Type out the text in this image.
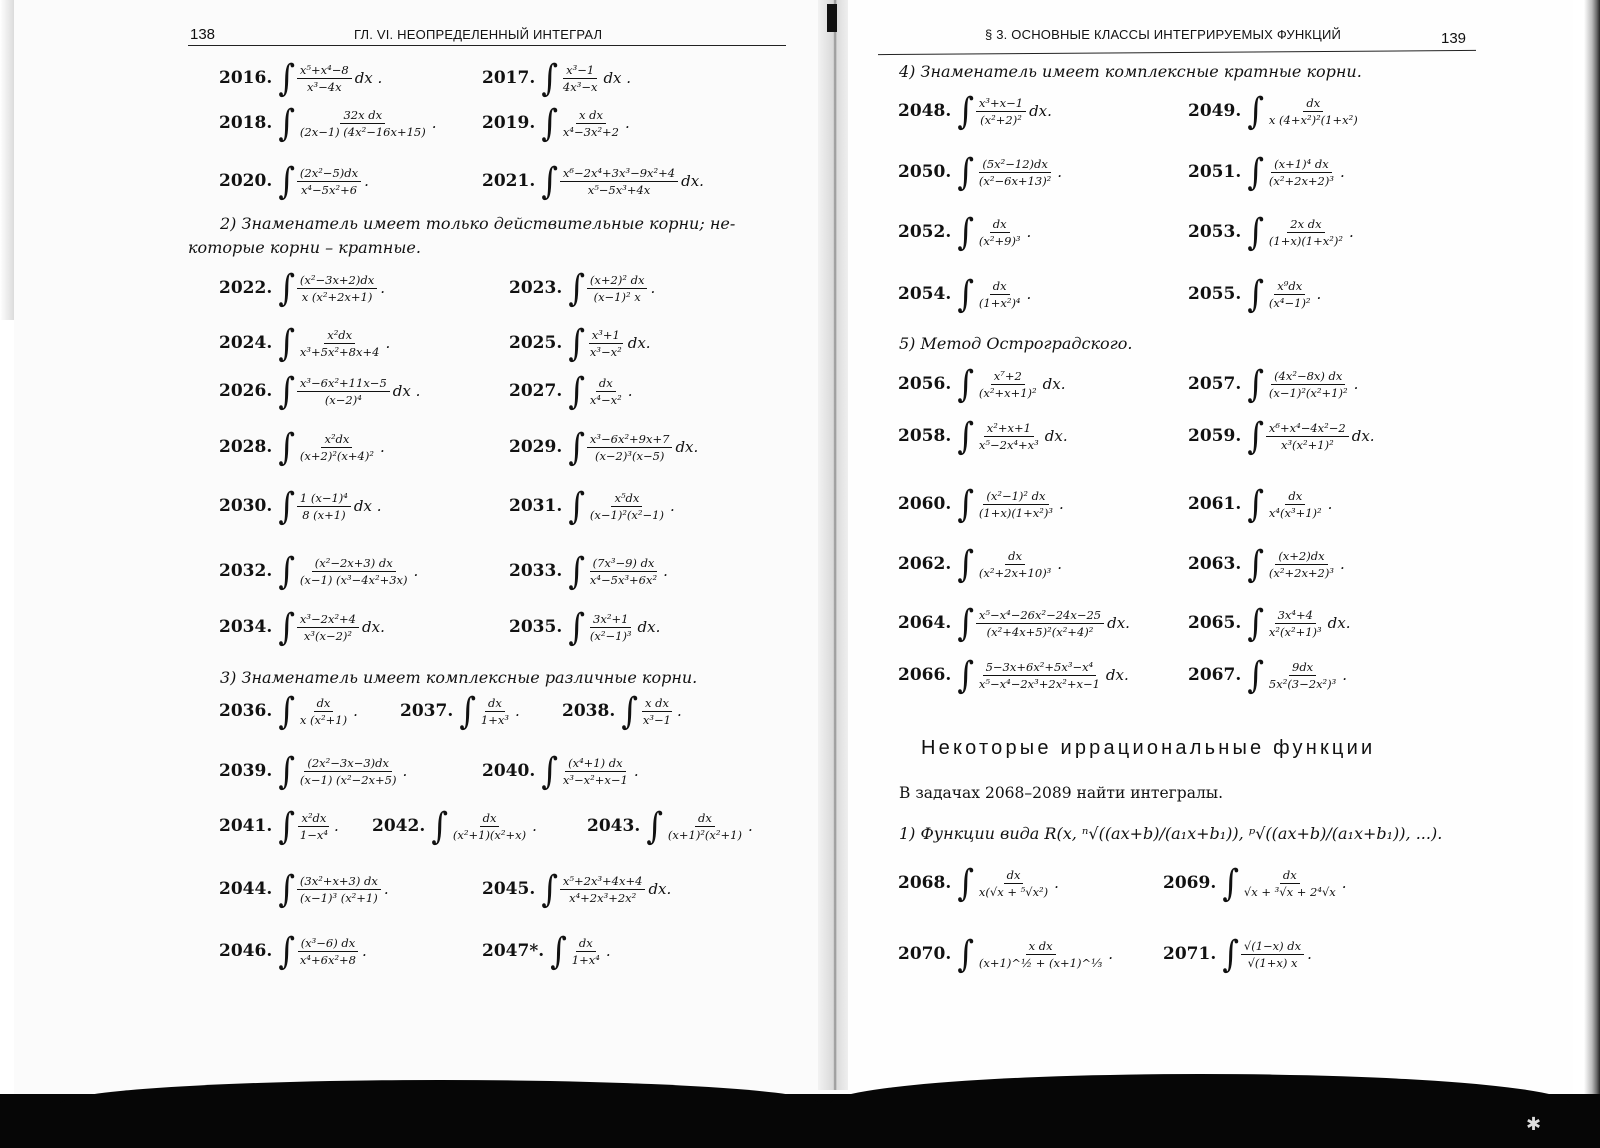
138	ГЛ. VI. НЕОПРЕДЕЛЕННЫЙ ИНТЕГРАЛ
2) Знаменатель имеет только действительные корни; не-
которые корни – кратные.
3) Знаменатель имеет комплексные различные корни.
2016. ∫ $\frac{\text{x⁵+x⁴−8}}{\text{x³−4x}}$ dx .	2017. ∫ $\frac{\text{x³−1}}{\text{4x³−x}}$ dx .
2018. ∫ $\frac{\text{32x dx}}{\text{(2x−1) (4x²−16x+15)}}$ .	2019. ∫ $\frac{\text{x dx}}{\text{x⁴−3x²+2}}$ .
2020. ∫ $\frac{\text{(2x²−5)dx}}{\text{x⁴−5x²+6}}$ .	2021. ∫ $\frac{\text{x⁶−2x⁴+3x³−9x²+4}}{\text{x⁵−5x³+4x}}$ dx.
2022. ∫ $\frac{\text{(x²−3x+2)dx}}{\text{x (x²+2x+1)}}$ .	2023. ∫ $\frac{\text{(x+2)² dx}}{\text{(x−1)² x}}$ .
2024. ∫ $\frac{\text{x²dx}}{\text{x³+5x²+8x+4}}$ .	2025. ∫ $\frac{\text{x³+1}}{\text{x³−x²}}$ dx.
2026. ∫ $\frac{\text{x³−6x²+11x−5}}{\text{(x−2)⁴}}$ dx .	2027. ∫ $\frac{dx}{\text{x⁴−x²}}$ .
2028. ∫ $\frac{\text{x²dx}}{\text{(x+2)²(x+4)²}}$ .	2029. ∫ $\frac{\text{x³−6x²+9x+7}}{\text{(x−2)³(x−5)}}$ dx.
2030. ∫ $\frac{\text{1 (x−1)⁴}}{8 (x+1)}$ dx .	2031. ∫ $\frac{\text{x⁵dx}}{\text{(x−1)²(x²−1)}}$ .
2032. ∫ $\frac{\text{(x²−2x+3) dx}}{\text{(x−1) (x³−4x²+3x)}}$ .	2033. ∫ $\frac{\text{(7x³−9) dx}}{\text{x⁴−5x³+6x²}}$ .
2034. ∫ $\frac{\text{x³−2x²+4}}{\text{x³(x−2)²}}$ dx.	2035. ∫ $\frac{\text{3x²+1}}{\text{(x²−1)³}}$ dx.
2036. ∫ $\frac{dx}{\text{x (x²+1)}}$ . 2037. ∫ $\frac{dx}{\text{1+x³}}$ . 2038. ∫ $\frac{\text{x dx}}{\text{x³−1}}$ .
2039. ∫ $\frac{\text{(2x²−3x−3)dx}}{\text{(x−1) (x²−2x+5)}}$ .	2040. ∫ $\frac{\text{(x⁴+1) dx}}{\text{x³−x²+x−1}}$ .
2041. ∫ $\frac{\text{x²dx}}{\text{1−x⁴}}$ . 2042. ∫ $\frac{dx}{\text{(x²+1)(x²+x)}}$ .	2043. ∫ $\frac{dx}{\text{(x+1)²(x²+1)}}$ .
2044. ∫ $\frac{\text{(3x²+x+3) dx}}{\text{(x−1)³ (x²+1)}}$ .	2045. ∫ $\frac{\text{x⁵+2x³+4x+4}}{\text{x⁴+2x³+2x²}}$ dx.
2046. ∫ $\frac{\text{(x³−6) dx}}{\text{x⁴+6x²+8}}$ .	2047*. ∫ $\frac{dx}{\text{1+x⁴}}$ .
§ 3. ОСНОВНЫЕ КЛАССЫ ИНТЕГРИРУЕМЫХ ФУНКЦИЙ	139
4) Знаменатель имеет комплексные кратные корни.
5) Метод Остроградского.
Некоторые иррациональные функции
В задачах 2068–2089 найти интегралы.
1) Функции вида R(x, ⁿ√((ax+b)/(a₁x+b₁)), ᵖ√((ax+b)/(a₁x+b₁)), ...).
2048. ∫ $\frac{\text{x³+x−1}}{\text{(x²+2)²}}$ dx.	2049. ∫ $\frac{dx}{\text{x (4+x²)²(1+x²)}}$
2050. ∫ $\frac{\text{(5x²−12)dx}}{\text{(x²−6x+13)²}}$ .	2051. ∫ $\frac{\text{(x+1)⁴ dx}}{\text{(x²+2x+2)³}}$ .
2052. ∫ $\frac{dx}{\text{(x²+9)³}}$ .	2053. ∫ $\frac{\text{2x dx}}{\text{(1+x)(1+x²)²}}$ .
2054. ∫ $\frac{dx}{\text{(1+x²)⁴}}$ .	2055. ∫ $\frac{\text{x⁹dx}}{\text{(x⁴−1)²}}$ .
2056. ∫ $\frac{\text{x⁷+2}}{\text{(x²+x+1)²}}$ dx.	2057. ∫ $\frac{\text{(4x²−8x) dx}}{\text{(x−1)²(x²+1)²}}$ .
2058. ∫ $\frac{\text{x²+x+1}}{\text{x⁵−2x⁴+x³}}$ dx.	2059. ∫ $\frac{\text{x⁶+x⁴−4x²−2}}{\text{x³(x²+1)²}}$ dx.
2060. ∫ $\frac{\text{(x²−1)² dx}}{\text{(1+x)(1+x²)³}}$ .	2061. ∫ $\frac{dx}{\text{x⁴(x³+1)²}}$ .
2062. ∫ $\frac{dx}{\text{(x²+2x+10)³}}$ .	2063. ∫ $\frac{(x+2)dx}{\text{(x²+2x+2)³}}$ .
2064. ∫ $\frac{\text{x⁵−x⁴−26x²−24x−25}}{\text{(x²+4x+5)²(x²+4)²}}$ dx.	2065. ∫ $\frac{\text{3x⁴+4}}{\text{x²(x²+1)³}}$ dx.
2066. ∫ $\frac{\text{5−3x+6x²+5x³−x⁴}}{\text{x⁵−x⁴−2x³+2x²+x−1}}$ dx.	2067. ∫ $\frac{9dx}{\text{5x²(3−2x²)³}}$ .
2068. ∫ $\frac{dx}{\text{x(√x + ⁵√x²)}}$ .	2069. ∫ $\frac{dx}{\text{√x + ³√x + 2⁴√x}}$ .
2070. ∫ $\frac{\text{x dx}}{\text{(x+1)\textasciicircum{}½ + (x+1)\textasciicircum{}⅓}}$ .	2071. ∫ $\frac{√(1-x) dx}{√(1+x) x}$ .
✱
